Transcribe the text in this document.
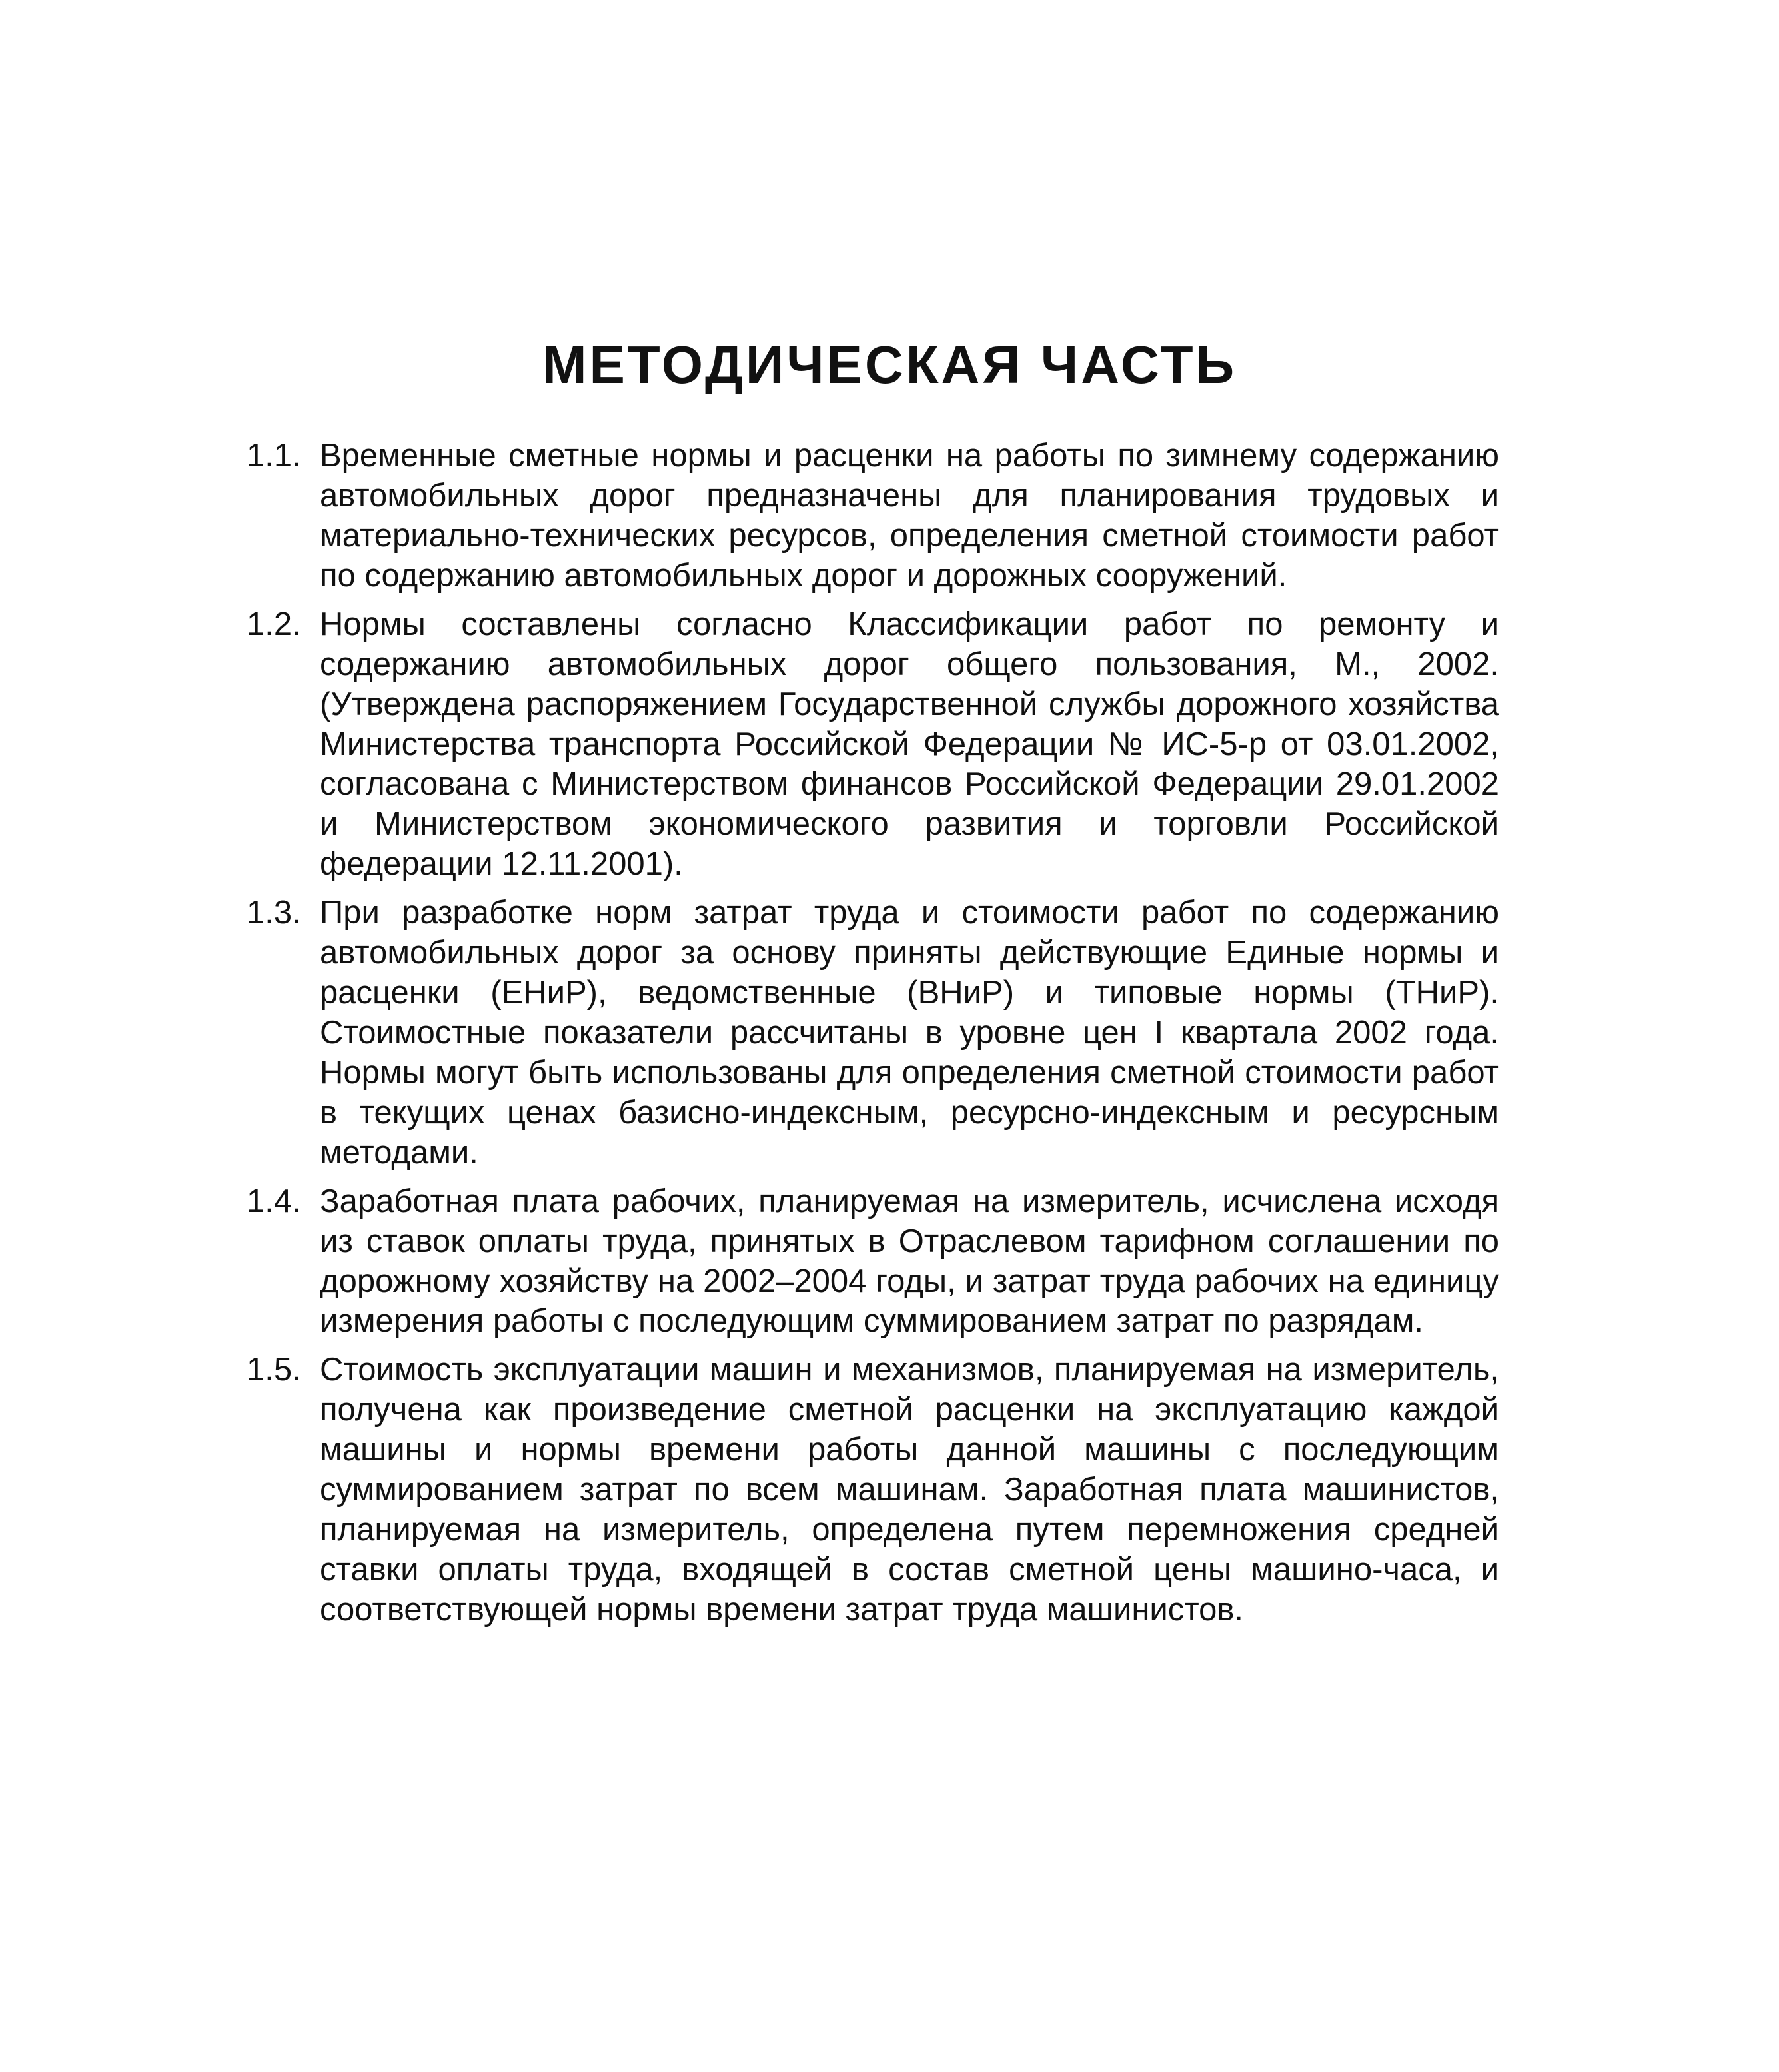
МЕТОДИЧЕСКАЯ ЧАСТЬ
1.1. Временные сметные нормы и расценки на работы по зимнему содержанию автомобильных дорог предназначены для планирования трудовых и материально-технических ресурсов, определения сметной стоимости работ по содержанию автомобильных дорог и дорожных сооружений.
1.2. Нормы составлены согласно Классификации работ по ремонту и содержанию автомобильных дорог общего пользования, М., 2002. (Утверждена распоряжением Государственной службы дорожного хозяйства Министерства транспорта Российской Федерации № ИС-5-р от 03.01.2002, согласована с Министерством финансов Российской Федерации 29.01.2002 и Министерством экономического развития и торговли Российской федерации 12.11.2001).
1.3. При разработке норм затрат труда и стоимости работ по содержанию автомобильных дорог за основу приняты действующие Единые нормы и расценки (ЕНиР), ведомственные (ВНиР) и типовые нормы (ТНиР). Стоимостные показатели рассчитаны в уровне цен I квартала 2002 года. Нормы могут быть использованы для определения сметной стоимости работ в текущих ценах базисно-индексным, ресурсно-индексным и ресурсным методами.
1.4. Заработная плата рабочих, планируемая на измеритель, исчислена исходя из ставок оплаты труда, принятых в Отраслевом тарифном соглашении по дорожному хозяйству на 2002–2004 годы, и затрат труда рабочих на единицу измерения работы с последующим суммированием затрат по разрядам.
1.5. Стоимость эксплуатации машин и механизмов, планируемая на измеритель, получена как произведение сметной расценки на эксплуатацию каждой машины и нормы времени работы данной машины с последующим суммированием затрат по всем машинам. Заработная плата машинистов, планируемая на измеритель, определена путем перемножения средней ставки оплаты труда, входящей в состав сметной цены машино-часа, и соответствующей нормы времени затрат труда машинистов.
